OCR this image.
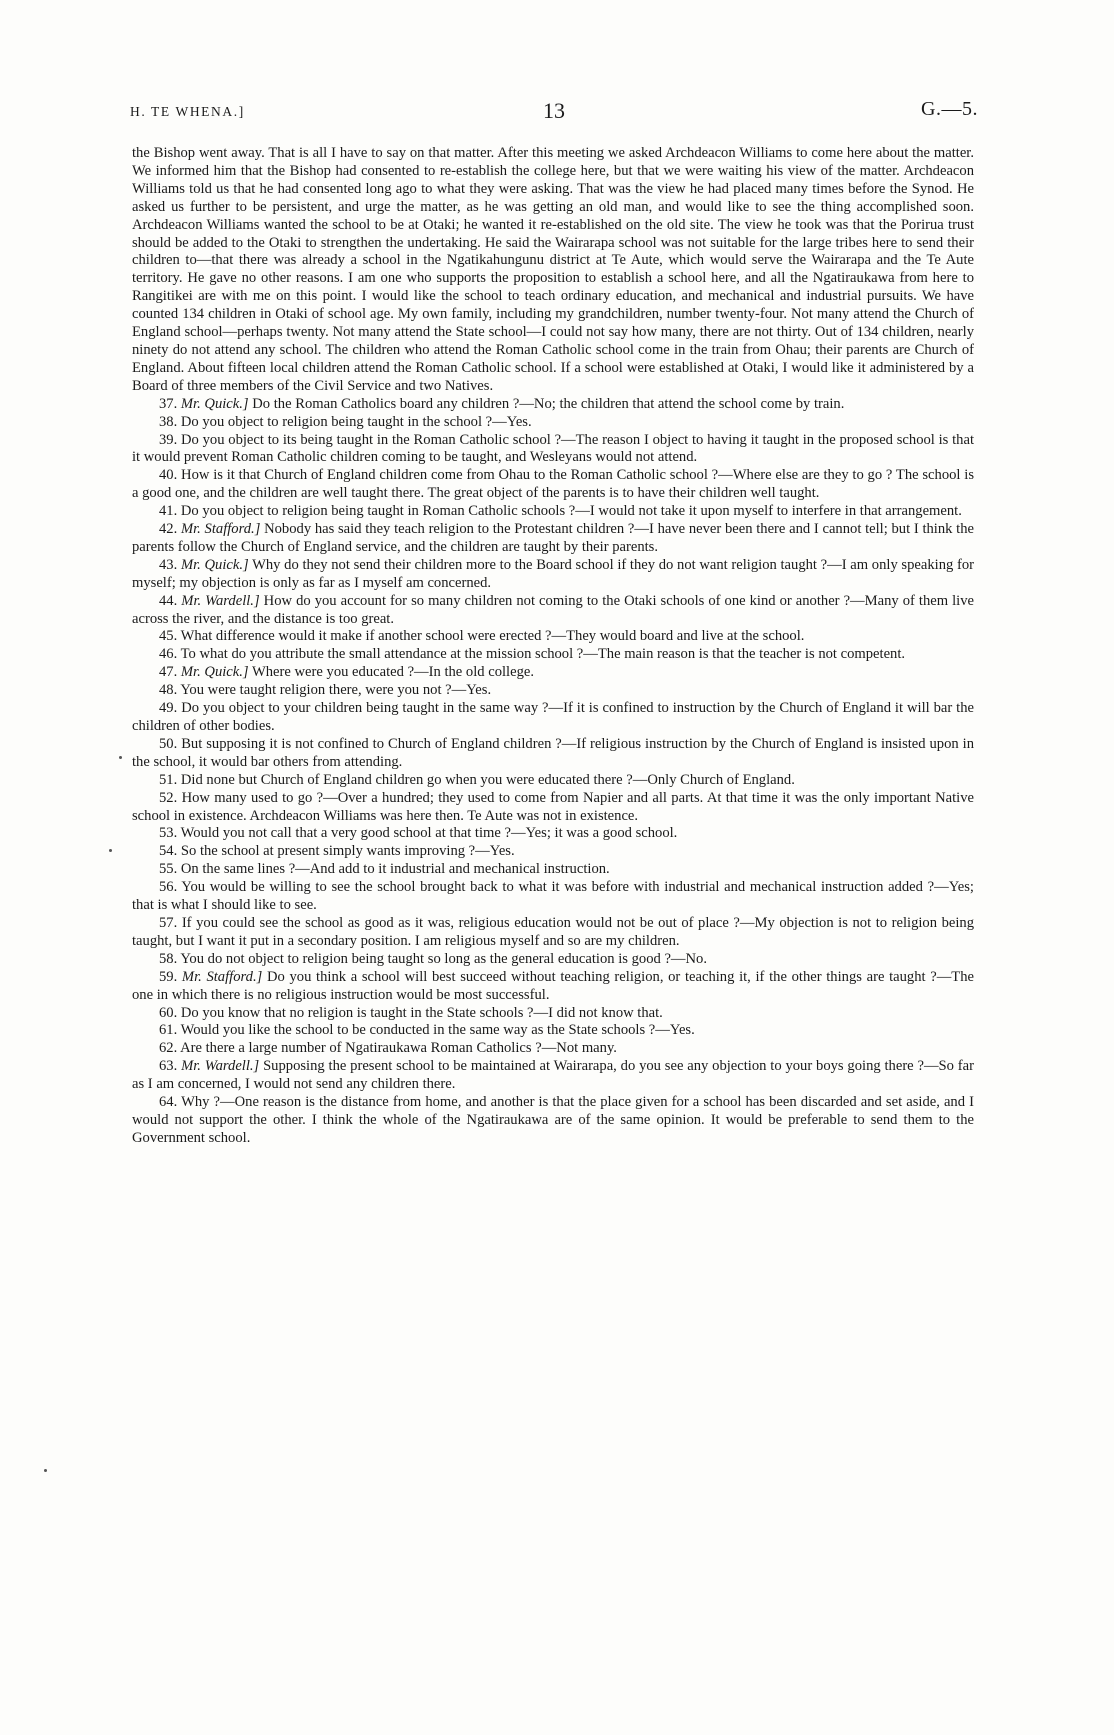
H. TE WHENA.]	13	G.—5.

the Bishop went away. That is all I have to say on that matter. After this meeting we asked Archdeacon Williams to come here about the matter. We informed him that the Bishop had consented to re-establish the college here, but that we were waiting his view of the matter. Archdeacon Williams told us that he had consented long ago to what they were asking. That was the view he had placed many times before the Synod. He asked us further to be persistent, and urge the matter, as he was getting an old man, and would like to see the thing accomplished soon. Archdeacon Williams wanted the school to be at Otaki; he wanted it re-established on the old site. The view he took was that the Porirua trust should be added to the Otaki to strengthen the undertaking. He said the Wairarapa school was not suitable for the large tribes here to send their children to—that there was already a school in the Ngatikahungunu district at Te Aute, which would serve the Wairarapa and the Te Aute territory. He gave no other reasons. I am one who supports the proposition to establish a school here, and all the Ngatiraukawa from here to Rangitikei are with me on this point. I would like the school to teach ordinary education, and mechanical and industrial pursuits. We have counted 134 children in Otaki of school age. My own family, including my grandchildren, number twenty-four. Not many attend the Church of England school—perhaps twenty. Not many attend the State school—I could not say how many, there are not thirty. Out of 134 children, nearly ninety do not attend any school. The children who attend the Roman Catholic school come in the train from Ohau; their parents are Church of England. About fifteen local children attend the Roman Catholic school. If a school were established at Otaki, I would like it administered by a Board of three members of the Civil Service and two Natives.

37. Mr. Quick.] Do the Roman Catholics board any children ?—No; the children that attend the school come by train.

38. Do you object to religion being taught in the school ?—Yes.

39. Do you object to its being taught in the Roman Catholic school ?—The reason I object to having it taught in the proposed school is that it would prevent Roman Catholic children coming to be taught, and Wesleyans would not attend.

40. How is it that Church of England children come from Ohau to the Roman Catholic school ?—Where else are they to go ? The school is a good one, and the children are well taught there. The great object of the parents is to have their children well taught.

41. Do you object to religion being taught in Roman Catholic schools ?—I would not take it upon myself to interfere in that arrangement.

42. Mr. Stafford.] Nobody has said they teach religion to the Protestant children ?—I have never been there and I cannot tell; but I think the parents follow the Church of England service, and the children are taught by their parents.

43. Mr. Quick.] Why do they not send their children more to the Board school if they do not want religion taught ?—I am only speaking for myself; my objection is only as far as I myself am concerned.

44. Mr. Wardell.] How do you account for so many children not coming to the Otaki schools of one kind or another ?—Many of them live across the river, and the distance is too great.

45. What difference would it make if another school were erected ?—They would board and live at the school.

46. To what do you attribute the small attendance at the mission school ?—The main reason is that the teacher is not competent.

47. Mr. Quick.] Where were you educated ?—In the old college.

48. You were taught religion there, were you not ?—Yes.

49. Do you object to your children being taught in the same way ?—If it is confined to instruction by the Church of England it will bar the children of other bodies.

50. But supposing it is not confined to Church of England children ?—If religious instruction by the Church of England is insisted upon in the school, it would bar others from attending.

51. Did none but Church of England children go when you were educated there ?—Only Church of England.

52. How many used to go ?—Over a hundred; they used to come from Napier and all parts. At that time it was the only important Native school in existence. Archdeacon Williams was here then. Te Aute was not in existence.

53. Would you not call that a very good school at that time ?—Yes; it was a good school.

54. So the school at present simply wants improving ?—Yes.

55. On the same lines ?—And add to it industrial and mechanical instruction.

56. You would be willing to see the school brought back to what it was before with industrial and mechanical instruction added ?—Yes; that is what I should like to see.

57. If you could see the school as good as it was, religious education would not be out of place ?—My objection is not to religion being taught, but I want it put in a secondary position. I am religious myself and so are my children.

58. You do not object to religion being taught so long as the general education is good ?—No.

59. Mr. Stafford.] Do you think a school will best succeed without teaching religion, or teaching it, if the other things are taught ?—The one in which there is no religious instruction would be most successful.

60. Do you know that no religion is taught in the State schools ?—I did not know that.

61. Would you like the school to be conducted in the same way as the State schools ?—Yes.

62. Are there a large number of Ngatiraukawa Roman Catholics ?—Not many.

63. Mr. Wardell.] Supposing the present school to be maintained at Wairarapa, do you see any objection to your boys going there ?—So far as I am concerned, I would not send any children there.

64. Why ?—One reason is the distance from home, and another is that the place given for a school has been discarded and set aside, and I would not support the other. I think the whole of the Ngatiraukawa are of the same opinion. It would be preferable to send them to the Government school.
